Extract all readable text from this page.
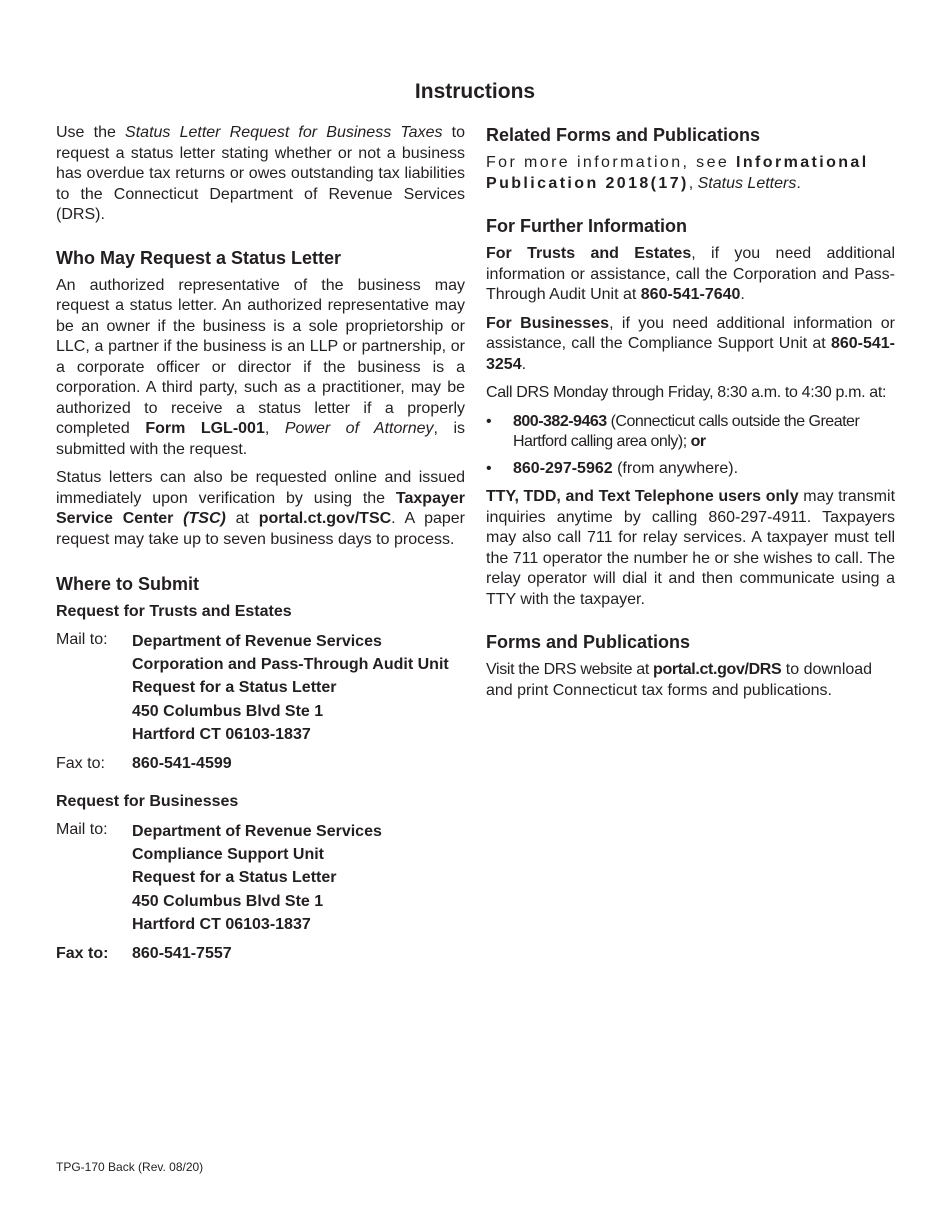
Instructions

Use the Status Letter Request for Business Taxes to request a status letter stating whether or not a business has overdue tax returns or owes outstanding tax liabilities to the Connecticut Department of Revenue Services (DRS).

Who May Request a Status Letter

An authorized representative of the business may request a status letter. An authorized representative may be an owner if the business is a sole proprietorship or LLC, a partner if the business is an LLP or partnership, or a corporate officer or director if the business is a corporation. A third party, such as a practitioner, may be authorized to receive a status letter if a properly completed Form LGL-001, Power of Attorney, is submitted with the request.

Status letters can also be requested online and issued immediately upon verification by using the Taxpayer Service Center (TSC) at portal.ct.gov/TSC. A paper request may take up to seven business days to process.

Where to Submit
Request for Trusts and Estates
Mail to:	Department of Revenue Services
Corporation and Pass-Through Audit Unit
Request for a Status Letter
450 Columbus Blvd Ste 1
Hartford CT 06103-1837
Fax to:	860-541-4599
Request for Businesses
Mail to:	Department of Revenue Services
Compliance Support Unit
Request for a Status Letter
450 Columbus Blvd Ste 1
Hartford CT 06103-1837
Fax to:	860-541-7557
Related Forms and Publications

For more information, see Informational Publication 2018(17), Status Letters.

For Further Information

For Trusts and Estates, if you need additional information or assistance, call the Corporation and Pass-Through Audit Unit at 860-541-7640.

For Businesses, if you need additional information or assistance, call the Compliance Support Unit at 860-541-3254.

Call DRS Monday through Friday, 8:30 a.m. to 4:30 p.m. at:

•	800-382-9463 (Connecticut calls outside the Greater Hartford calling area only); or
•	860-297-5962 (from anywhere).

TTY, TDD, and Text Telephone users only may transmit inquiries anytime by calling 860-297-4911. Taxpayers may also call 711 for relay services. A taxpayer must tell the 711 operator the number he or she wishes to call. The relay operator will dial it and then communicate using a TTY with the taxpayer.

Forms and Publications

Visit the DRS website at portal.ct.gov/DRS to download and print Connecticut tax forms and publications.

TPG-170 Back (Rev. 08/20)
